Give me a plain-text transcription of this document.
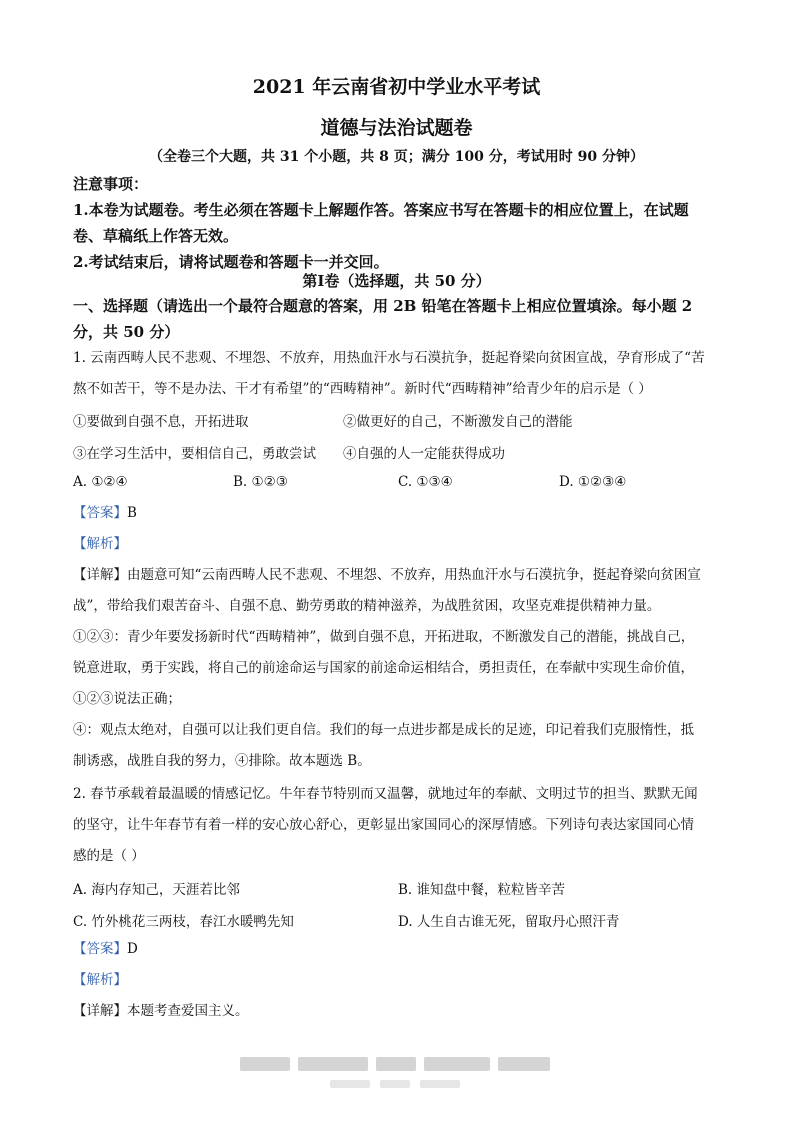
2021 年云南省初中学业水平考试
道德与法治试题卷
（全卷三个大题，共 31 个小题，共 8 页；满分 100 分，考试用时 90 分钟）
注意事项：
1.本卷为试题卷。考生必须在答题卡上解题作答。答案应书写在答题卡的相应位置上，在试题
卷、草稿纸上作答无效。
2.考试结束后，请将试题卷和答题卡一并交回。
第Ⅰ卷（选择题，共 50 分）
一、选择题（请选出一个最符合题意的答案，用 2B 铅笔在答题卡上相应位置填涂。每小题 2
分，共 50 分）
1. 云南西畴人民不悲观、不埋怨、不放弃，用热血汗水与石漠抗争，挺起脊梁向贫困宣战，孕育形成了“苦
熬不如苦干，等不是办法、干才有希望”的“西畴精神”。新时代“西畴精神”给青少年的启示是（ ）
①要做到自强不息，开拓进取	②做更好的自己，不断激发自己的潜能
③在学习生活中，要相信自己，勇敢尝试 ④自强的人一定能获得成功
A. ①②④	B. ①②③	C. ①③④	D. ①②③④
【答案】B
【解析】
【详解】由题意可知“云南西畴人民不悲观、不埋怨、不放弃，用热血汗水与石漠抗争，挺起脊梁向贫困宣
战”，带给我们艰苦奋斗、自强不息、勤劳勇敢的精神滋养，为战胜贫困，攻坚克难提供精神力量。
①②③：青少年要发扬新时代“西畴精神”，做到自强不息，开拓进取，不断激发自己的潜能，挑战自己，
锐意进取，勇于实践，将自己的前途命运与国家的前途命运相结合，勇担责任，在奉献中实现生命价值，
①②③说法正确；
④：观点太绝对，自强可以让我们更自信。我们的每一点进步都是成长的足迹，印记着我们克服惰性，抵
制诱惑，战胜自我的努力，④排除。故本题选 B。
2. 春节承载着最温暖的情感记忆。牛年春节特别而又温馨，就地过年的奉献、文明过节的担当、默默无闻
的坚守，让牛年春节有着一样的安心放心舒心，更彰显出家国同心的深厚情感。下列诗句表达家国同心情
感的是（ ）
A. 海内存知己，天涯若比邻	B. 谁知盘中餐，粒粒皆辛苦
C. 竹外桃花三两枝，春江水暖鸭先知	D. 人生自古谁无死，留取丹心照汗青
【答案】D
【解析】
【详解】本题考查爱国主义。
